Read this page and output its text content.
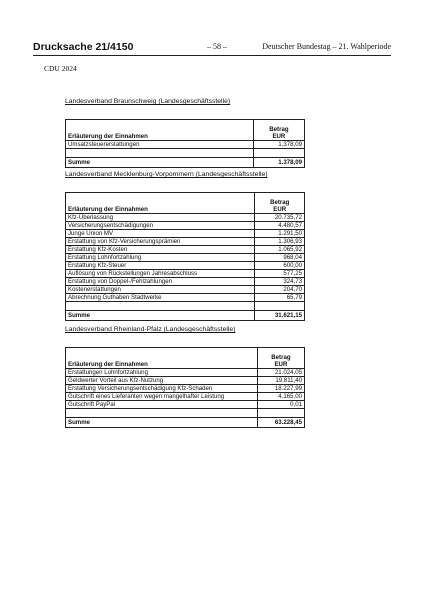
Drucksache 21/4150	– 58 –	Deutscher Bundestag – 21. Wahlperiode
CDU 2024
Landesverband Braunschweig (Landesgeschäftsstelle)
Erläuterung der Einnahmen	Betrag
EUR

Umsatzsteuererstattungen	1.378,09

Summe	1.378,09
Landesverband Mecklenburg-Vorpommern (Landesgeschäftsstelle)
Erläuterung der Einnahmen	Betrag
EUR

Kfz-Überlassung	20.735,72
Versicherungsentschädigungen	4.480,57
Junge Union MV	1.291,50
Erstattung von Kfz-Versicherungsprämien	1.306,93
Erstattung Kfz-Kosten	1.065,92
Erstattung Lohnfortzahlung	968,04
Erstattung Kfz-Steuer	600,00
Auflösung von Rückstellungen Jahresabschluss	577,25
Erstattung von Doppel-/Fehlzahlungen	324,73
Kostenerstattungen	204,70
Abrechnung Guthaben Stadtwerke	65,79

Summe	31.621,15
Landesverband Rheinland-Pfalz (Landesgeschäftsstelle)
Erläuterung der Einnahmen	Betrag
EUR

Erstattungen Lohnfortzahlung	21.024,05
Geldwerter Vorteil aus Kfz-Nutzung	19.811,40
Erstattung Versicherungsentschädigung Kfz-Schaden	18.227,99
Gutschrift eines Lieferanten wegen mangelhafter Leistung	4.165,00
Gutschrift PayPal	0,01

Summe	63.228,45
